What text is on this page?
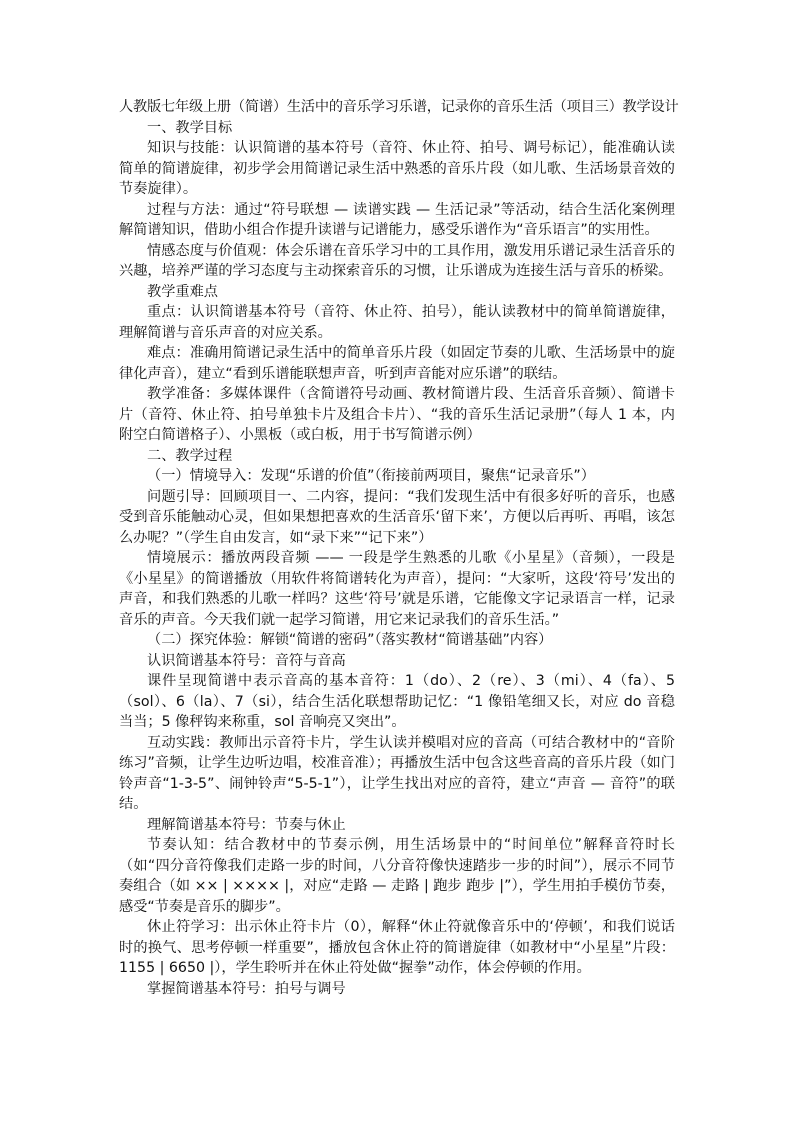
人教版七年级上册（简谱）生活中的音乐学习乐谱，记录你的音乐生活（项目三）教学设计

一、教学目标

知识与技能：认识简谱的基本符号（音符、休止符、拍号、调号标记），能准确认读简单的简谱旋律，初步学会用简谱记录生活中熟悉的音乐片段（如儿歌、生活场景音效的节奏旋律）。

过程与方法：通过“符号联想 — 读谱实践 — 生活记录”等活动，结合生活化案例理解简谱知识，借助小组合作提升读谱与记谱能力，感受乐谱作为“音乐语言”的实用性。

情感态度与价值观：体会乐谱在音乐学习中的工具作用，激发用乐谱记录生活音乐的兴趣，培养严谨的学习态度与主动探索音乐的习惯，让乐谱成为连接生活与音乐的桥梁。

教学重难点

重点：认识简谱基本符号（音符、休止符、拍号），能认读教材中的简单简谱旋律，理解简谱与音乐声音的对应关系。

难点：准确用简谱记录生活中的简单音乐片段（如固定节奏的儿歌、生活场景中的旋律化声音），建立“看到乐谱能联想声音，听到声音能对应乐谱”的联结。

教学准备：多媒体课件（含简谱符号动画、教材简谱片段、生活音乐音频）、简谱卡片（音符、休止符、拍号单独卡片及组合卡片）、“我的音乐生活记录册”（每人 1 本，内附空白简谱格子）、小黑板（或白板，用于书写简谱示例）

二、教学过程

（一）情境导入：发现“乐谱的价值”（衔接前两项目，聚焦“记录音乐”）

问题引导：回顾项目一、二内容，提问：“我们发现生活中有很多好听的音乐，也感受到音乐能触动心灵，但如果想把喜欢的生活音乐‘留下来’，方便以后再听、再唱，该怎么办呢？”（学生自由发言，如“录下来”“记下来”）

情境展示：播放两段音频 —— 一段是学生熟悉的儿歌《小星星》（音频），一段是《小星星》的简谱播放（用软件将简谱转化为声音），提问：“大家听，这段‘符号’发出的声音，和我们熟悉的儿歌一样吗？这些‘符号’就是乐谱，它能像文字记录语言一样，记录音乐的声音。今天我们就一起学习简谱，用它来记录我们的音乐生活。”

（二）探究体验：解锁“简谱的密码”（落实教材“简谱基础”内容）

认识简谱基本符号：音符与音高

课件呈现简谱中表示音高的基本音符：1（do）、2（re）、3（mi）、4（fa）、5（sol）、6（la）、7（si），结合生活化联想帮助记忆：“1 像铅笔细又长，对应 do 音稳当当；5 像秤钩来称重，sol 音响亮又突出”。

互动实践：教师出示音符卡片，学生认读并模唱对应的音高（可结合教材中的“音阶练习”音频，让学生边听边唱，校准音准）；再播放生活中包含这些音高的音乐片段（如门铃声音“1-3-5”、闹钟铃声“5-5-1”），让学生找出对应的音符，建立“声音 — 音符”的联结。

理解简谱基本符号：节奏与休止

节奏认知：结合教材中的节奏示例，用生活场景中的“时间单位”解释音符时长（如“四分音符像我们走路一步的时间，八分音符像快速踏步一步的时间”），展示不同节奏组合（如 ×× | ×××× |，对应“走路 — 走路 | 跑步 跑步 |”），学生用拍手模仿节奏，感受“节奏是音乐的脚步”。

休止符学习：出示休止符卡片（0），解释“休止符就像音乐中的‘停顿’，和我们说话时的换气、思考停顿一样重要”，播放包含休止符的简谱旋律（如教材中“小星星”片段：1155 | 6650 |），学生聆听并在休止符处做“握拳”动作，体会停顿的作用。

掌握简谱基本符号：拍号与调号
